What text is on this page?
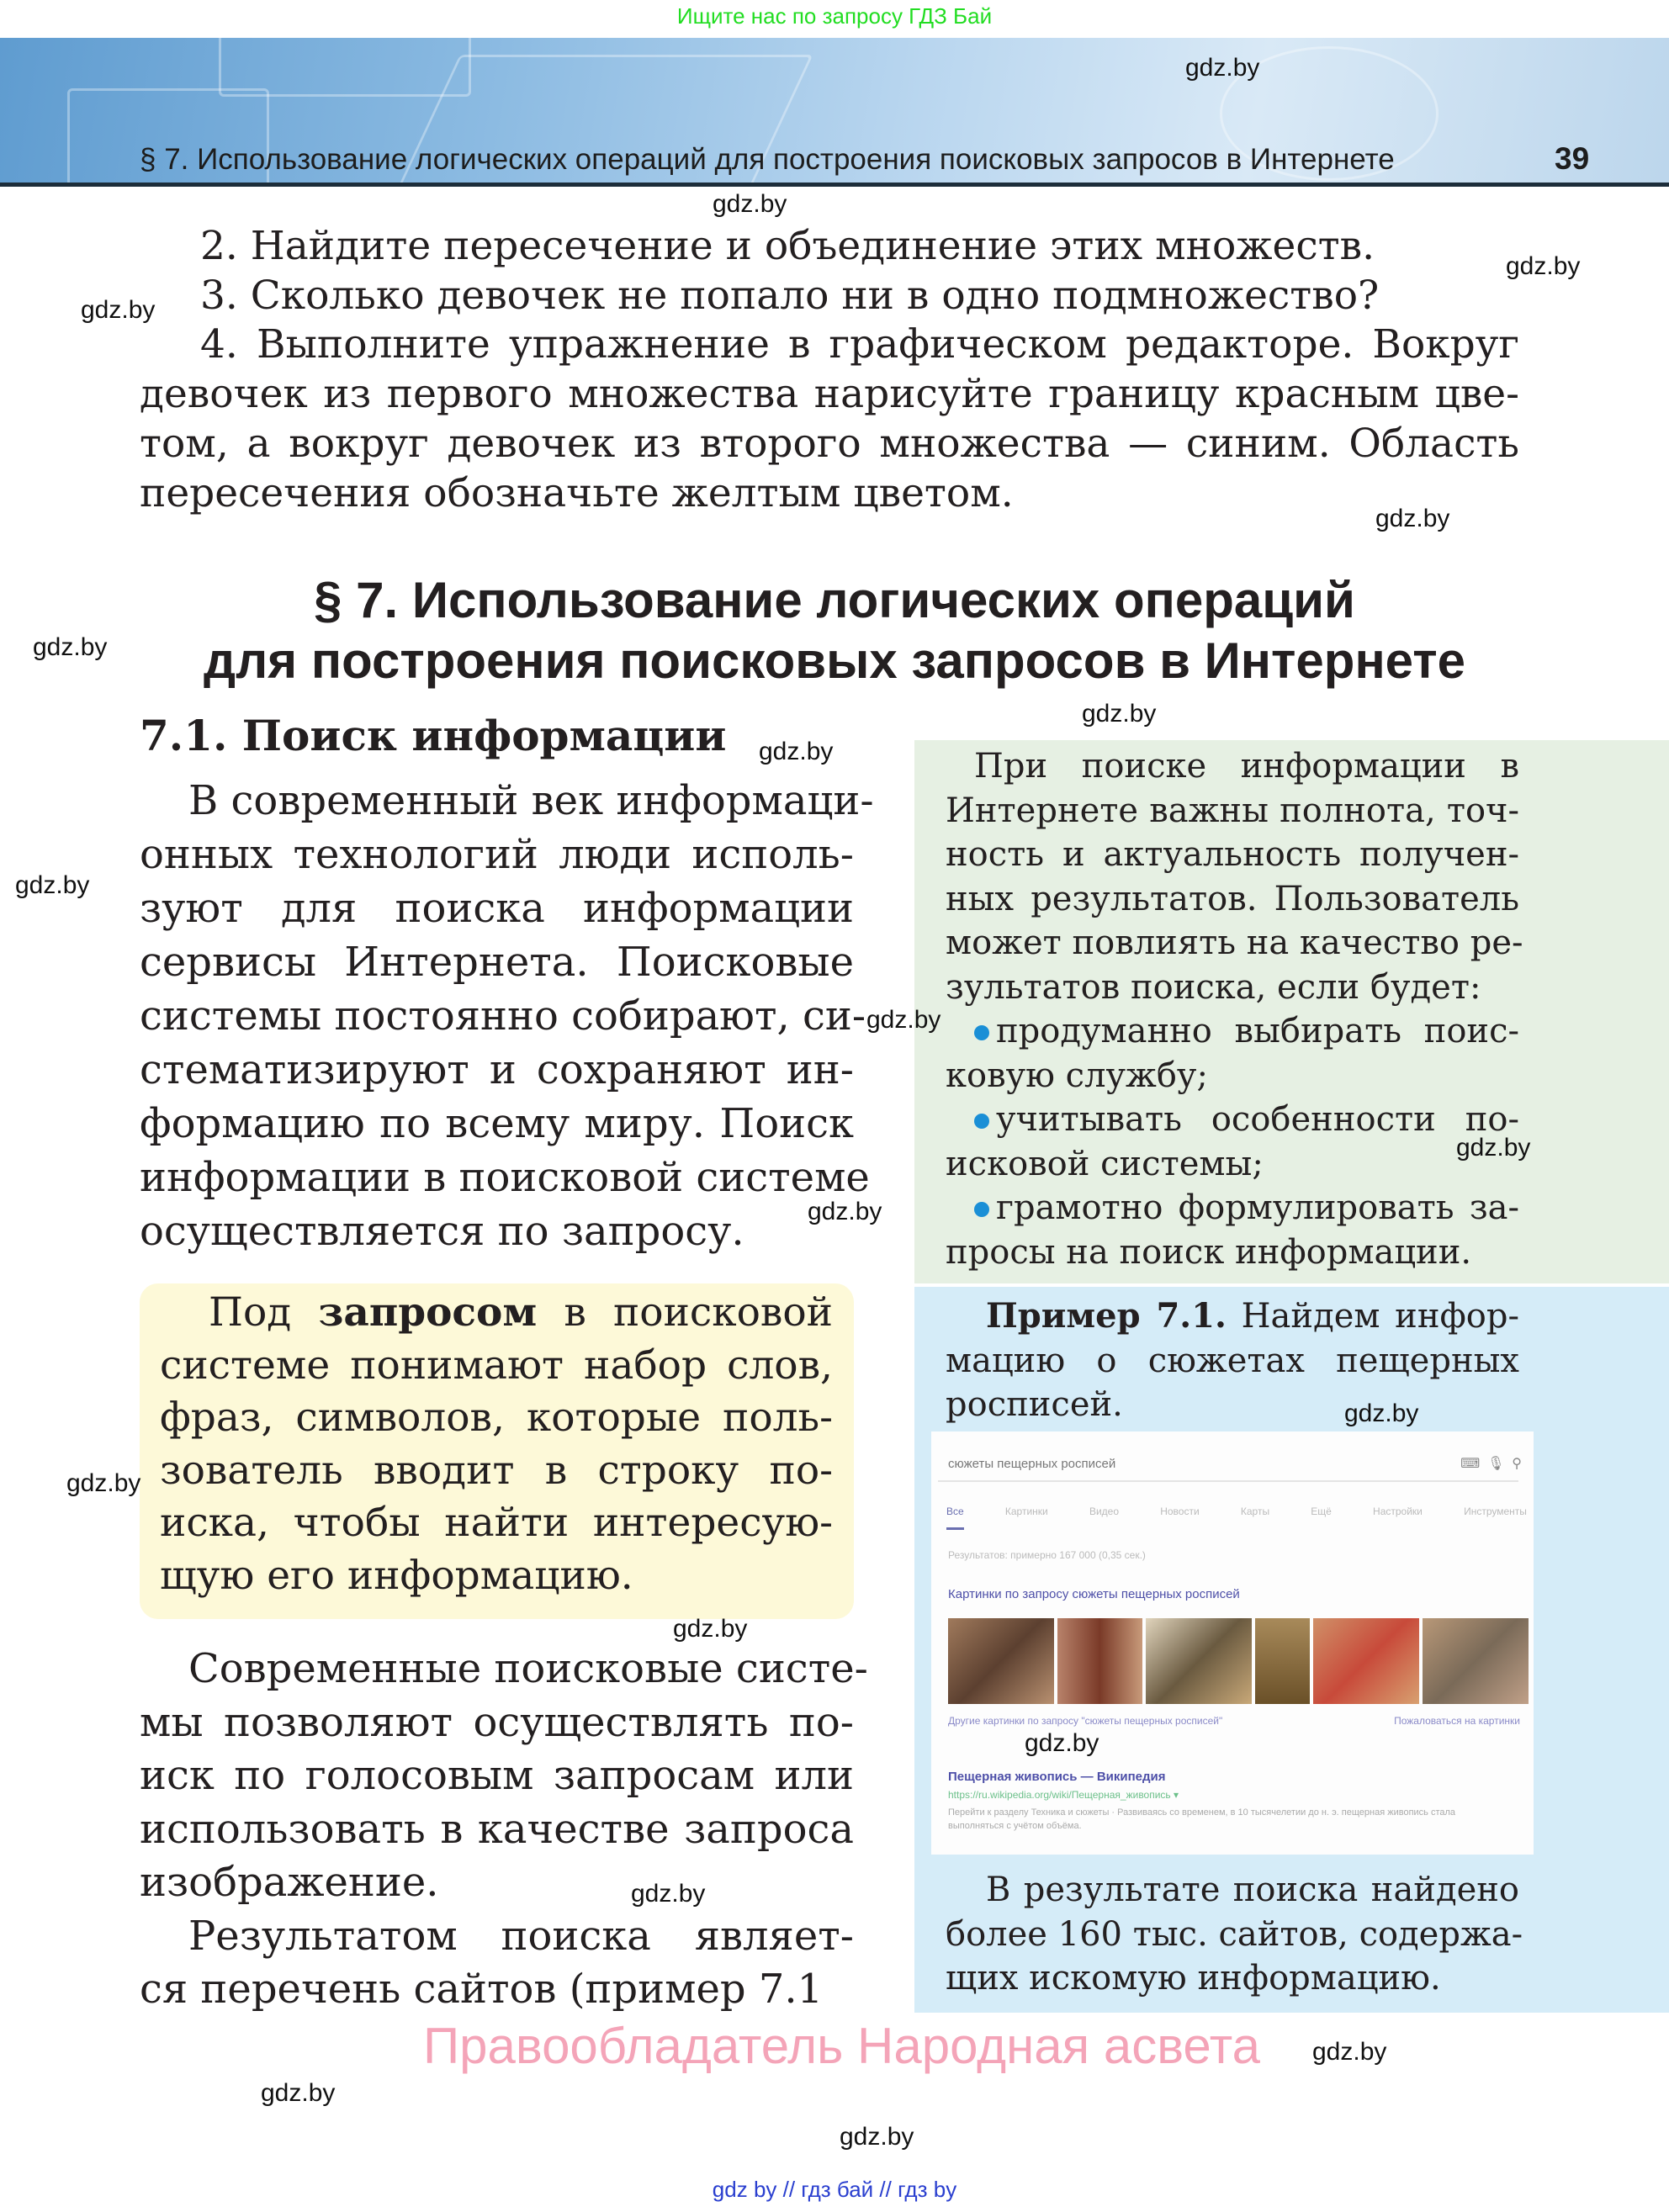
Ищите нас по запросу ГДЗ Бай
§ 7. Использование логических операций для построения поисковых запросов в Интернете	39
2. Найдите пересечение и объединение этих множеств.
3. Сколько девочек не попало ни в одно подмножество?
4. Выполните упражнение в графическом редакторе. Вокруг
девочек из первого множества нарисуйте границу красным цве-
том, а вокруг девочек из второго множества — синим. Область
пересечения обозначьте желтым цветом.
§ 7. Использование логических операций
для построения поисковых запросов в Интернете
7.1. Поиск информации
В современный век информаци-
онных технологий люди исполь-
зуют для поиска информации
сервисы Интернета. Поисковые
системы постоянно собирают, си-
стематизируют и сохраняют ин-
формацию по всему миру. Поиск
информации в поисковой системе
осуществляется по запросу.
Под запросом в поисковой
системе понимают набор слов,
фраз, символов, которые поль-
зователь вводит в строку по-
иска, чтобы найти интересую-
щую его информацию.
Современные поисковые систе-
мы позволяют осуществлять по-
иск по голосовым запросам или
использовать в качестве запроса
изображение.
Результатом поиска являет-
ся перечень сайтов (пример 7.1
При поиске информации в
Интернете важны полнота, точ-
ность и актуальность получен-
ных результатов. Пользователь
может повлиять на качество ре-
зультатов поиска, если будет:
продуманно выбирать поис-
ковую службу;
учитывать особенности по-
исковой системы;
грамотно формулировать за-
просы на поиск информации.
Пример 7.1. Найдем инфор-
мацию о сюжетах пещерных
росписей.
сюжеты пещерных росписей	⌨ 🎙 ⚲
Все	Картинки	Видео	Новости	Карты	Ещё	Настройки	Инструменты
Результатов: примерно 167 000 (0,35 сек.)
Картинки по запросу сюжеты пещерных росписей
Другие картинки по запросу "сюжеты пещерных росписей"	Пожаловаться на картинки
Пещерная живопись — Википедия
https://ru.wikipedia.org/wiki/Пещерная_живопись ▾
Перейти к разделу Техника и сюжеты · Развиваясь со временем, в 10 тысячелетии до н. э. пещерная живопись стала выполняться с учётом объёма.
В результате поиска найдено
более 160 тыс. сайтов, содержа-
щих искомую информацию.
Правообладатель Народная асвета
gdz by // гдз бай // гдз by
gdz.by
gdz.by
gdz.by
gdz.by
gdz.by
gdz.by
gdz.by
gdz.by
gdz.by
gdz.by
gdz.by
gdz.by
gdz.by
gdz.by
gdz.by
gdz.by
gdz.by
gdz.by
gdz.by
gdz.by
